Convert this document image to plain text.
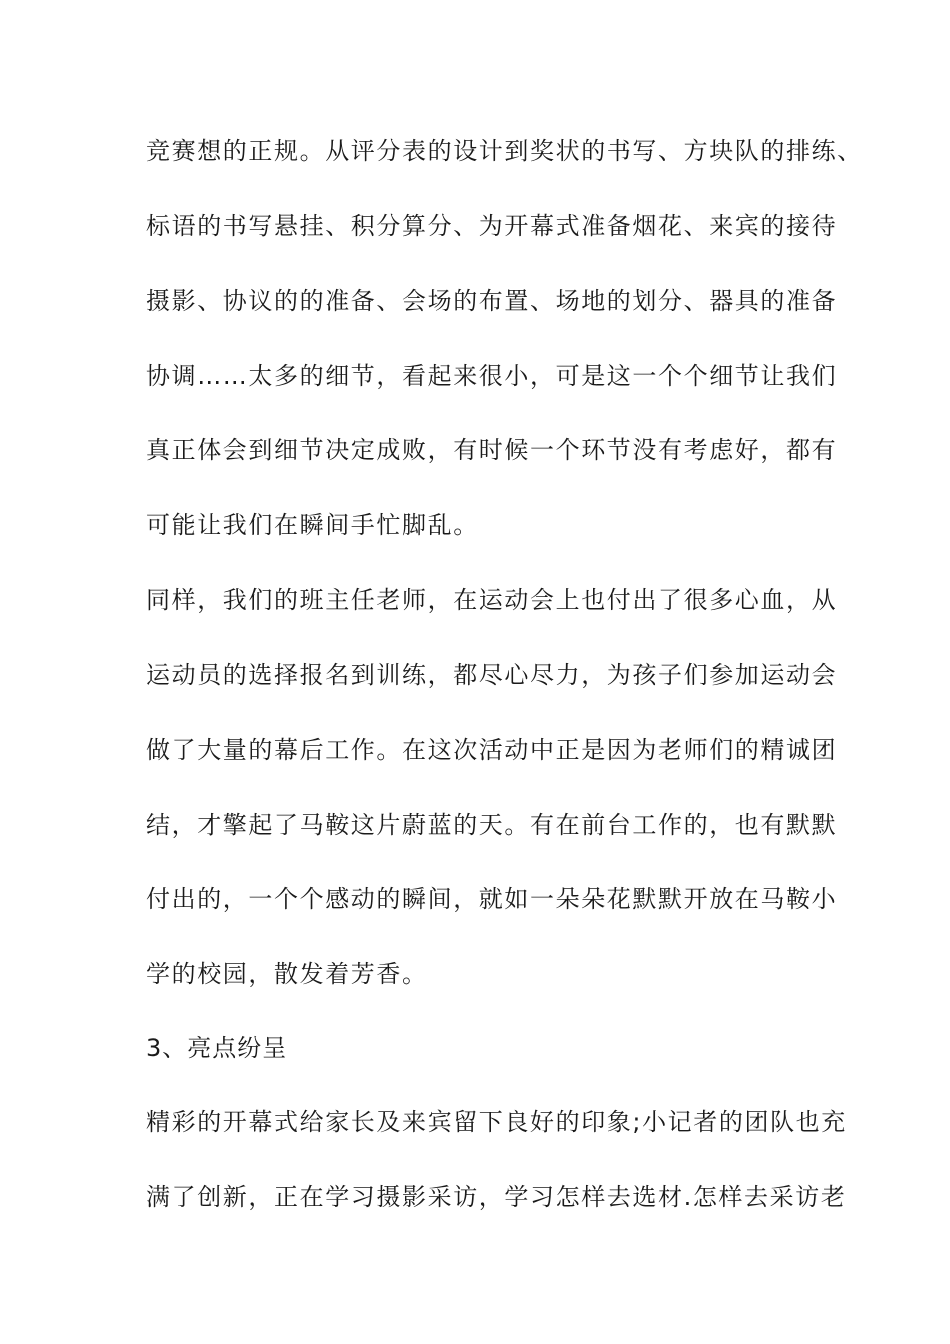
竞赛想的正规。从评分表的设计到奖状的书写、方块队的排练、
标语的书写悬挂、积分算分、为开幕式准备烟花、来宾的接待
摄影、协议的的准备、会场的布置、场地的划分、器具的准备
协调……太多的细节，看起来很小，可是这一个个细节让我们
真正体会到细节决定成败，有时候一个环节没有考虑好，都有
可能让我们在瞬间手忙脚乱。
同样，我们的班主任老师，在运动会上也付出了很多心血，从
运动员的选择报名到训练，都尽心尽力，为孩子们参加运动会
做了大量的幕后工作。在这次活动中正是因为老师们的精诚团
结，才擎起了马鞍这片蔚蓝的天。有在前台工作的，也有默默
付出的，一个个感动的瞬间，就如一朵朵花默默开放在马鞍小
学的校园，散发着芳香。
3、亮点纷呈
精彩的开幕式给家长及来宾留下良好的印象;小记者的团队也充
满了创新，正在学习摄影采访，学习怎样去选材.怎样去采访老
